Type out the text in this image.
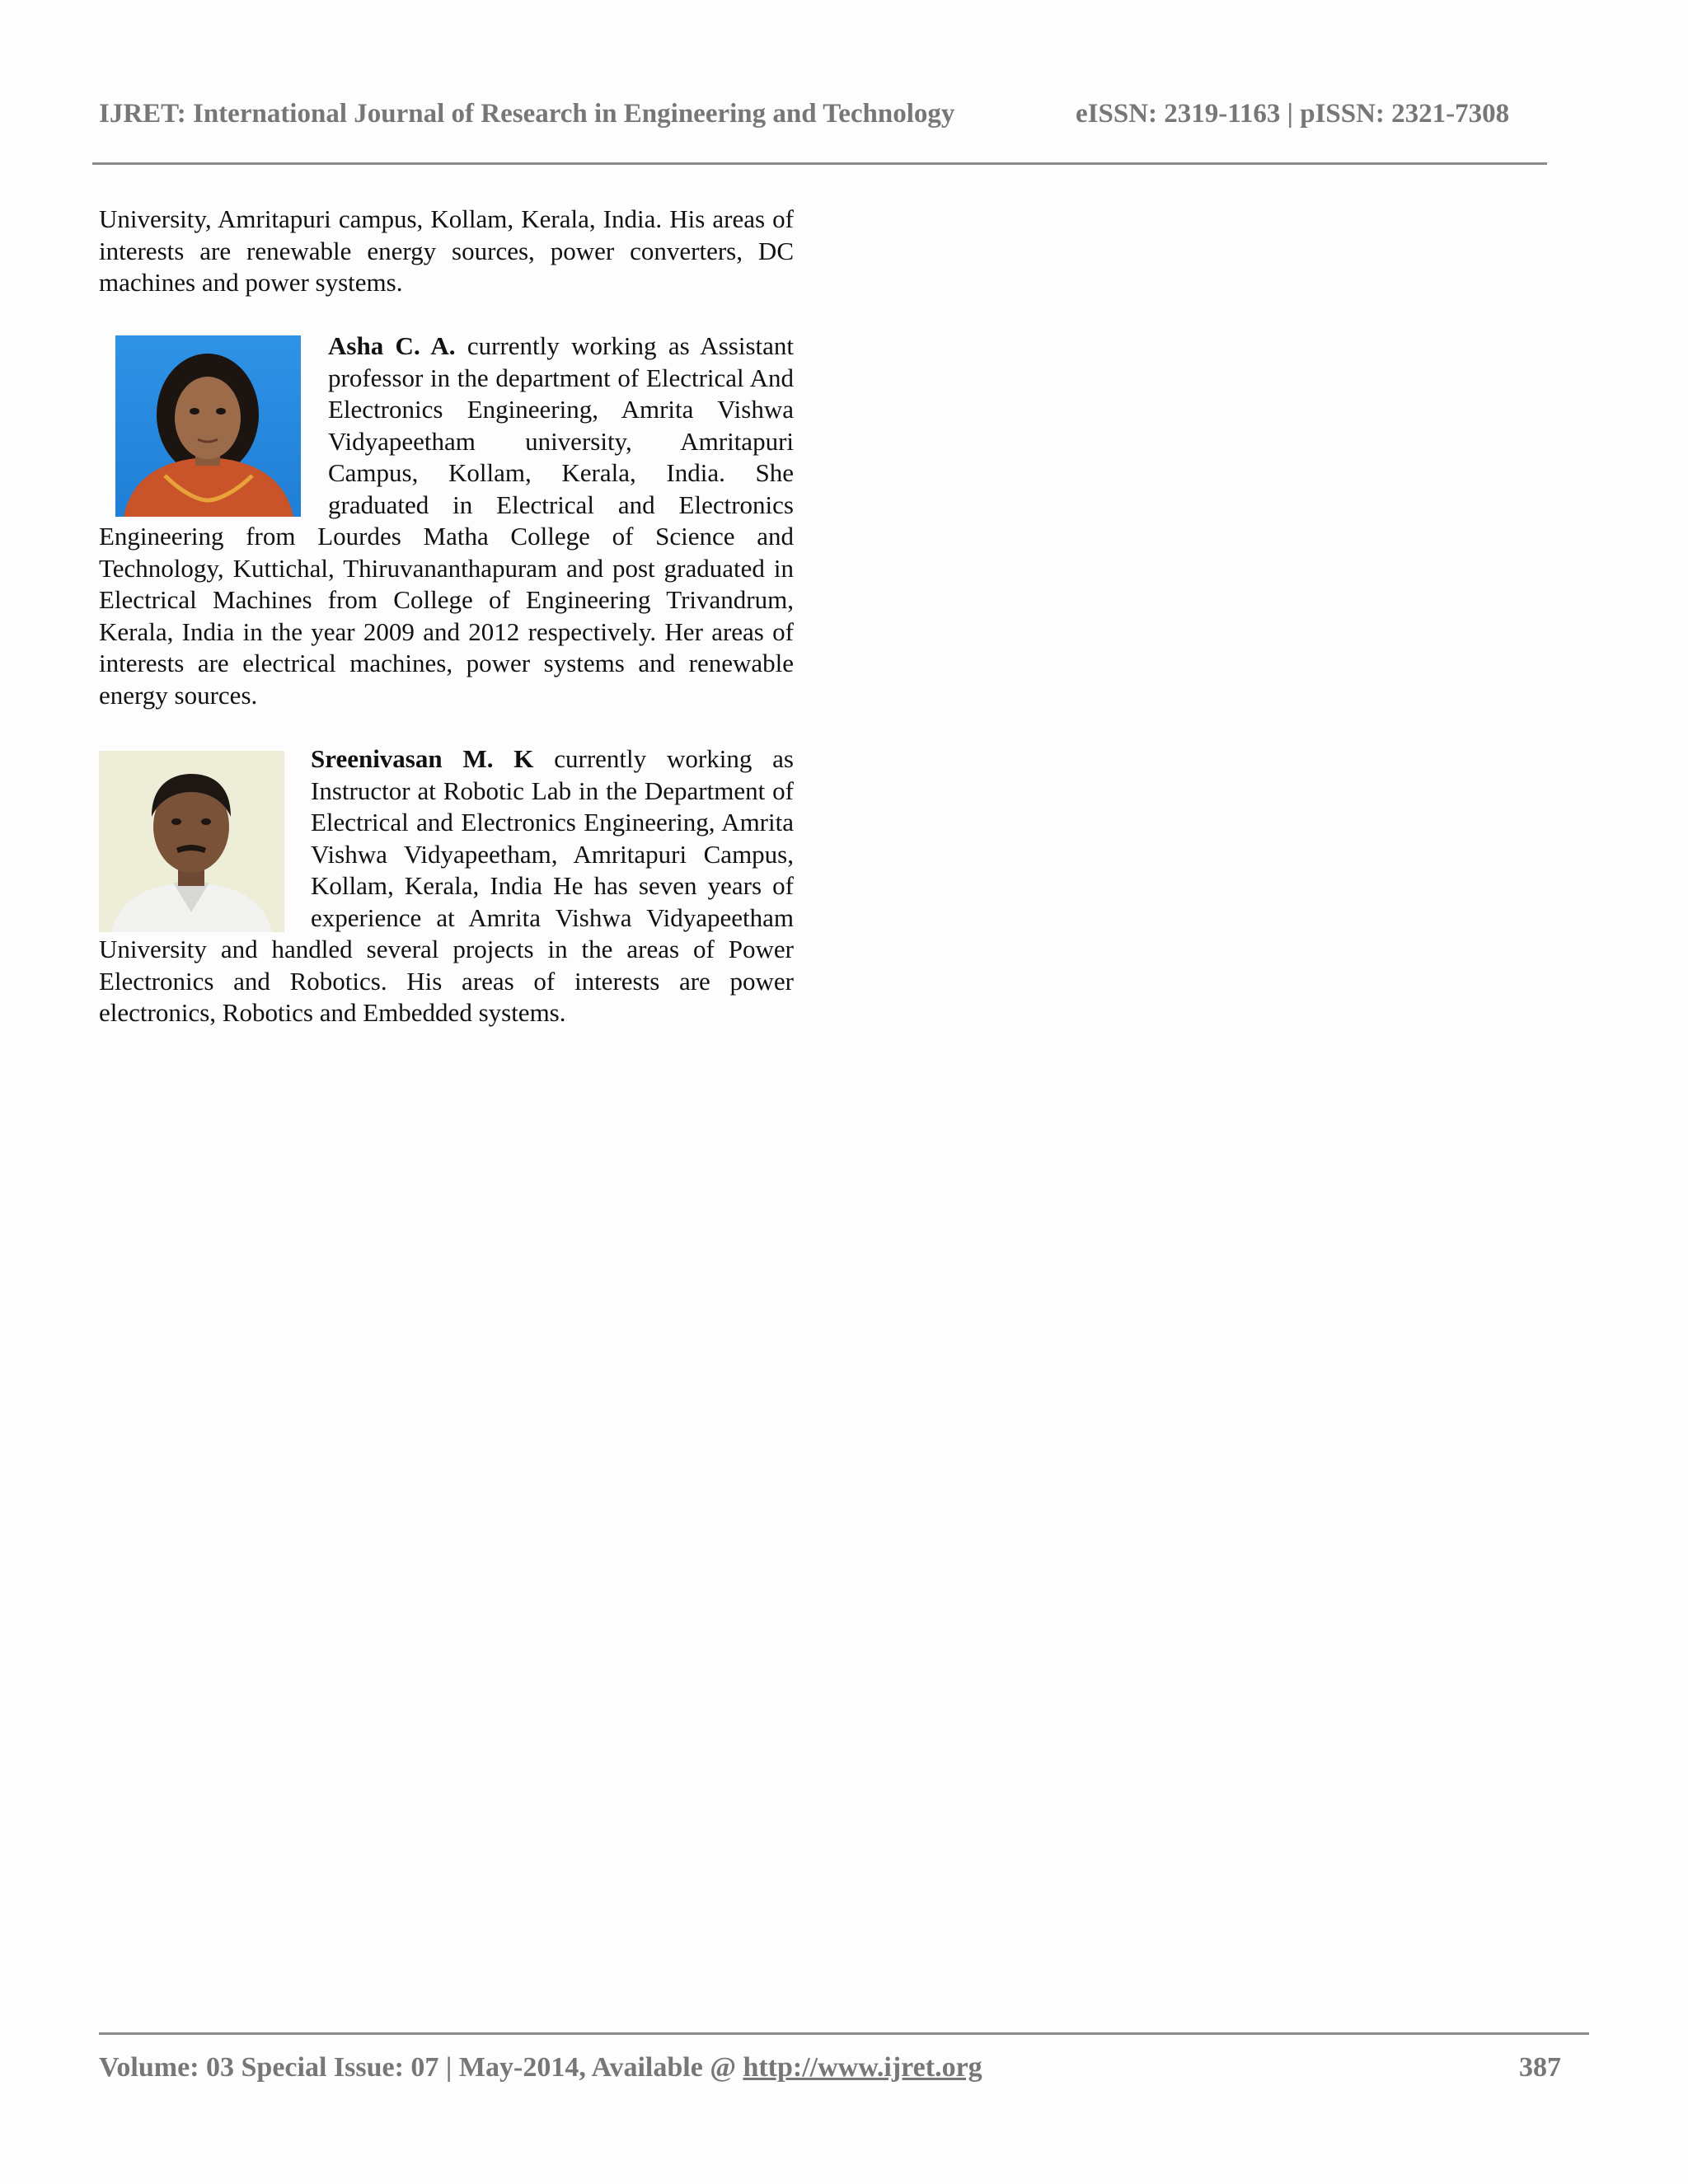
IJRET: International Journal of Research in Engineering and Technology	eISSN: 2319-1163 | pISSN: 2321-7308

University, Amritapuri campus, Kollam, Kerala, India. His areas of interests are renewable energy sources, power converters, DC machines and power systems.

Asha C. A. currently working as Assistant professor in the department of Electrical And Electronics Engineering, Amrita Vishwa Vidyapeetham university, Amritapuri Campus, Kollam, Kerala, India. She graduated in Electrical and Electronics Engineering from Lourdes Matha College of Science and Technology, Kuttichal, Thiruvananthapuram and post graduated in Electrical Machines from College of Engineering Trivandrum, Kerala, India in the year 2009 and 2012 respectively. Her areas of interests are electrical machines, power systems and renewable energy sources.

Sreenivasan M. K currently working as Instructor at Robotic Lab in the Department of Electrical and Electronics Engineering, Amrita Vishwa Vidyapeetham, Amritapuri Campus, Kollam, Kerala, India He has seven years of experience at Amrita Vishwa Vidyapeetham University and handled several projects in the areas of Power Electronics and Robotics. His areas of interests are power electronics, Robotics and Embedded systems.

Volume: 03 Special Issue: 07 | May-2014, Available @ http://www.ijret.org	387
